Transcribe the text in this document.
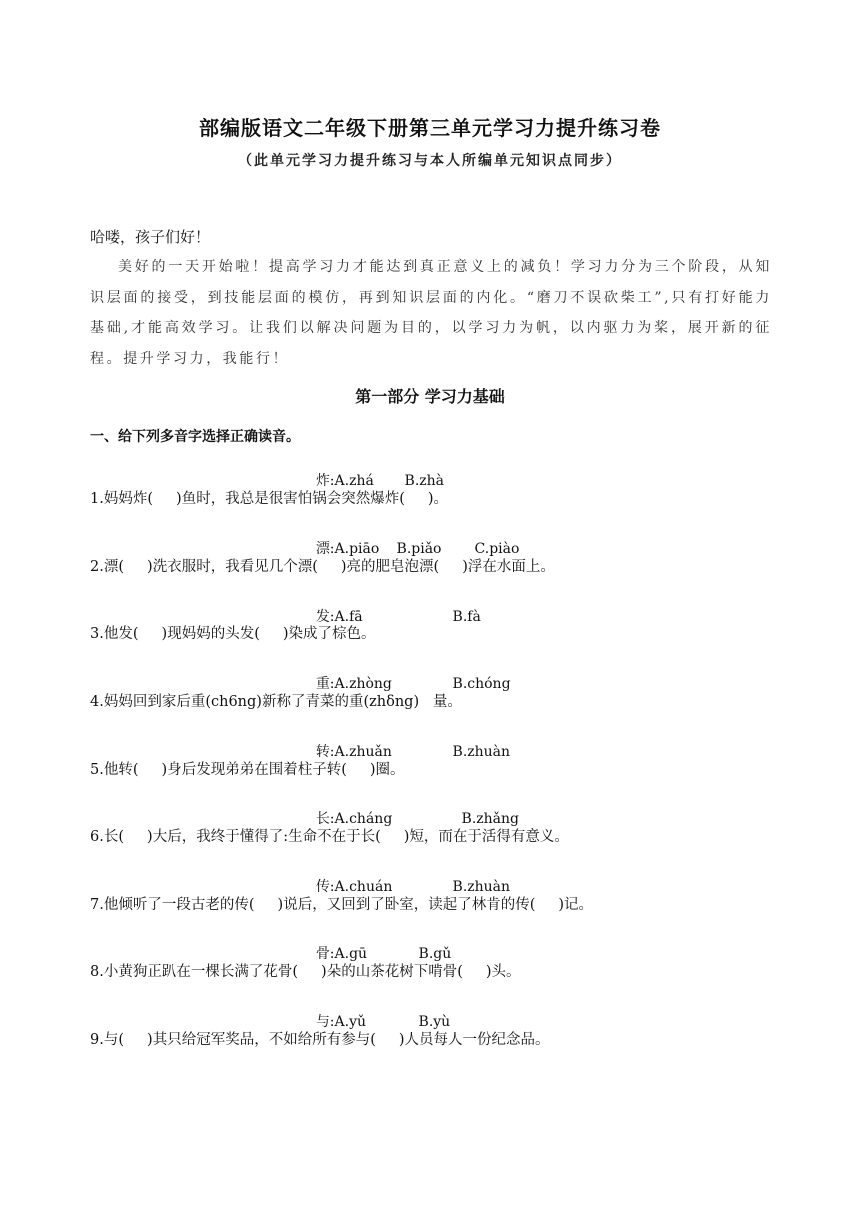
部编版语文二年级下册第三单元学习力提升练习卷
（此单元学习力提升练习与本人所编单元知识点同步）
哈喽，孩子们好！
美好的一天开始啦！提高学习力才能达到真正意义上的减负！学习力分为三个阶段，从知识层面的接受，到技能层面的模仿，再到知识层面的内化。“磨刀不误砍柴工”,只有打好能力基础,才能高效学习。让我们以解决问题为目的，以学习力为帆，以内驱力为桨，展开新的征程。提升学习力，我能行！
第一部分 学习力基础
一、给下列多音字选择正确读音。

炸:A.zhá B.zhà

1.妈妈炸(     )鱼时，我总是很害怕锅会突然爆炸(     )。

漂:A.piāo B.piǎo C.piào

2.漂(     )洗衣服时，我看见几个漂(     )亮的肥皂泡漂(     )浮在水面上。

发:A.fā	B.fà

3.他发(     )现妈妈的头发(     )染成了棕色。

重:A.zhòng	B.chóng

4.妈妈回到家后重(ch6ng)新称了青菜的重(zhδng)   量。

转:A.zhuǎn	B.zhuàn

5.他转(     )身后发现弟弟在围着柱子转(     )圈。

长:A.cháng	B.zhǎng

6.长(     )大后，我终于懂得了:生命不在于长(     )短，而在于活得有意义。

传:A.chuán	B.zhuàn

7.他倾听了一段古老的传(     )说后，又回到了卧室，读起了林肯的传(     )记。

骨:A.gū	B.gǔ

8.小黄狗正趴在一棵长满了花骨(     )朵的山茶花树下啃骨(     )头。

与:A.yǔ	B.yù

9.与(     )其只给冠军奖品，不如给所有参与(     )人员每人一份纪念品。
